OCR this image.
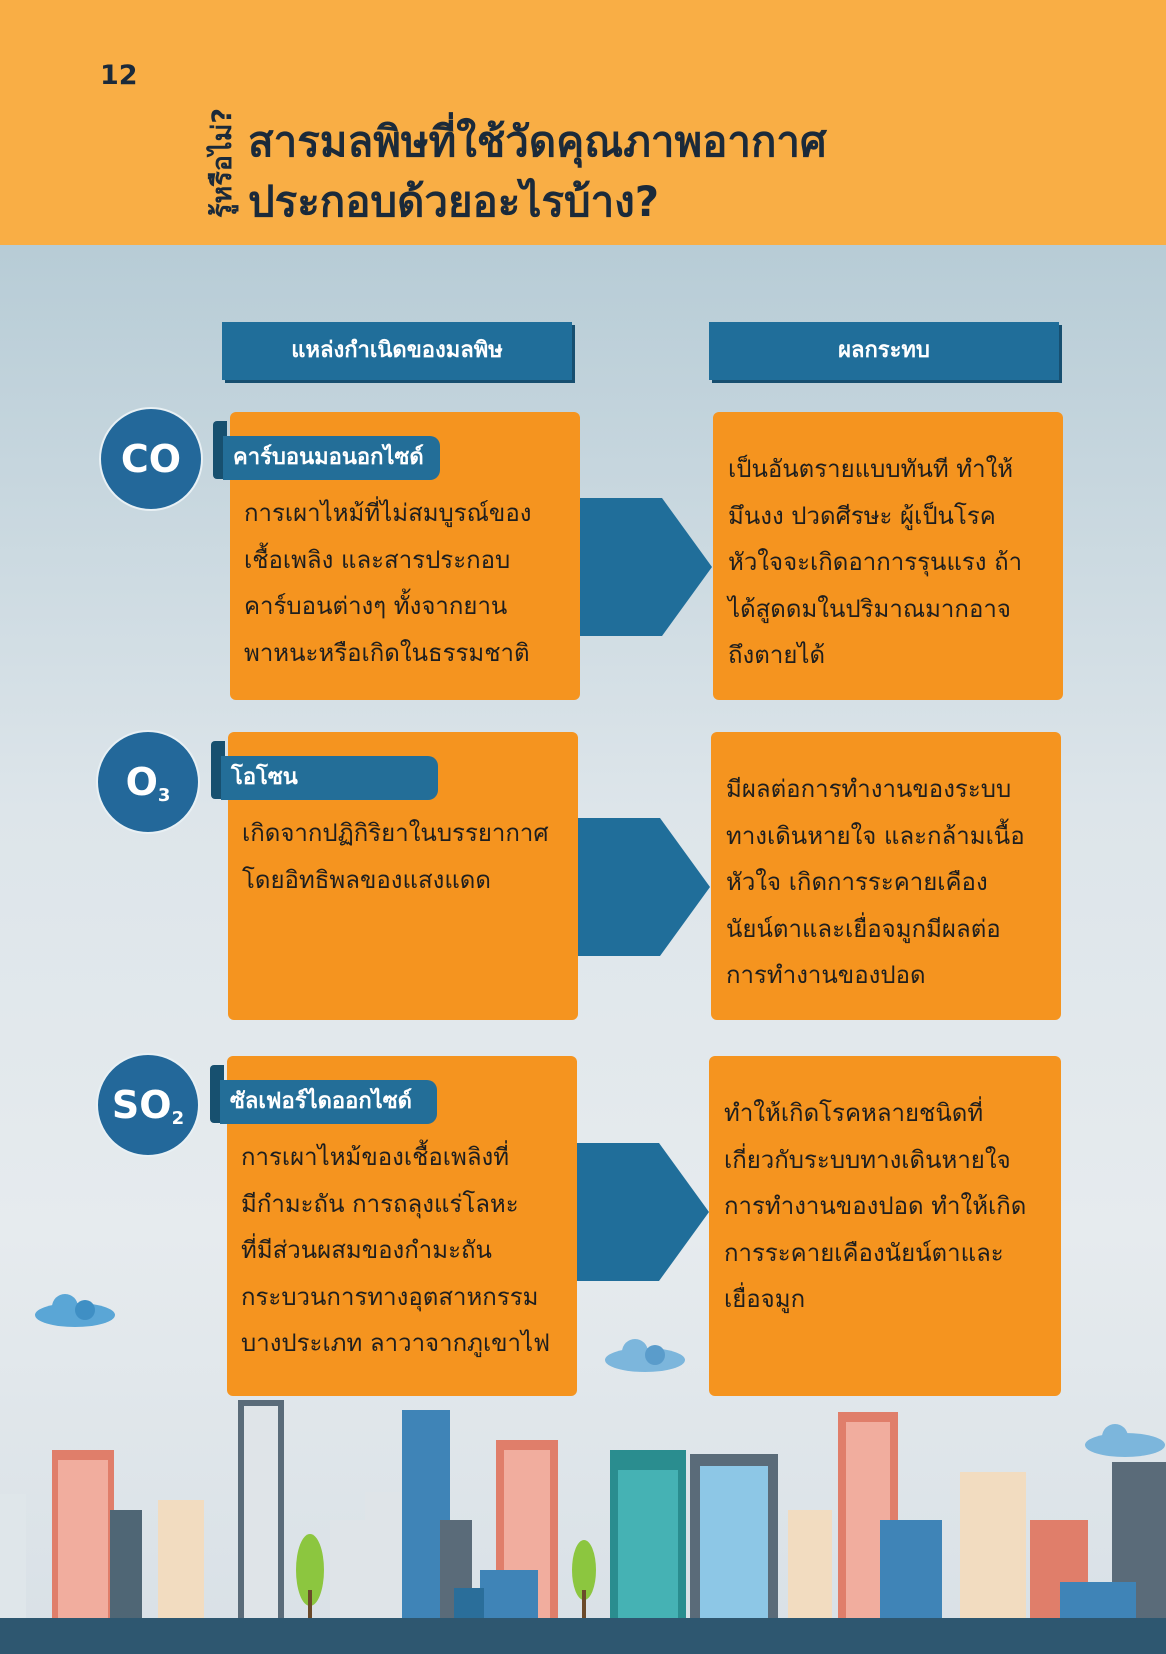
12
รู้หรือไม่? สารมลพิษที่ใช้วัดคุณภาพอากาศ
ประกอบด้วยอะไรบ้าง?
แหล่งกำเนิดของมลพิษ	ผลกระทบ
การเผาไหม้ที่ไม่สมบูรณ์ของ
เชื้อเพลิง และสารประกอบ
คาร์บอนต่างๆ ทั้งจากยาน
พาหนะหรือเกิดในธรรมชาติ
เป็นอันตรายแบบทันที ทำให้
มึนงง ปวดศีรษะ ผู้เป็นโรค
หัวใจจะเกิดอาการรุนแรง ถ้า
ได้สูดดมในปริมาณมากอาจ
ถึงตายได้
คาร์บอนมอนอกไซด์
CO
เกิดจากปฏิกิริยาในบรรยากาศ
โดยอิทธิพลของแสงแดด
มีผลต่อการทำงานของระบบ
ทางเดินหายใจ และกล้ามเนื้อ
หัวใจ เกิดการระคายเคือง
นัยน์ตาและเยื่อจมูกมีผลต่อ
การทำงานของปอด
โอโซน
$O_3$
การเผาไหม้ของเชื้อเพลิงที่
มีกำมะถัน การถลุงแร่โลหะ
ที่มีส่วนผสมของกำมะถัน
กระบวนการทางอุตสาหกรรม
บางประเภท ลาวาจากภูเขาไฟ
ทำให้เกิดโรคหลายชนิดที่
เกี่ยวกับระบบทางเดินหายใจ
การทำงานของปอด ทำให้เกิด
การระคายเคืองนัยน์ตาและ
เยื่อจมูก
ซัลเฟอร์ไดออกไซด์
$SO_2$
